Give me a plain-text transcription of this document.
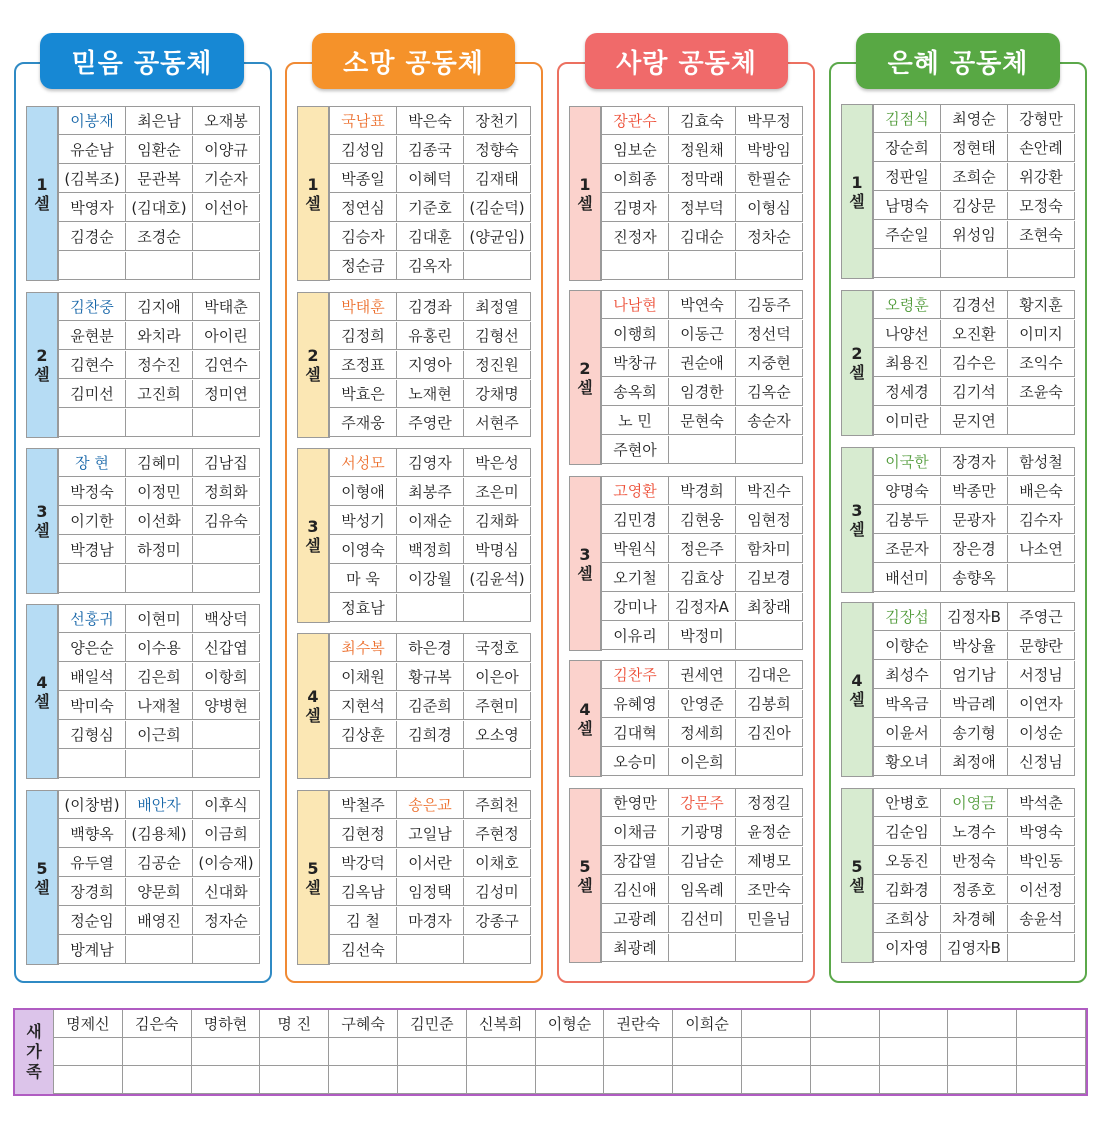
믿음 공동체
1
셀
이봉재	최은남	오재봉
유순남	임환순	이양규
(김복조)	문관복	기순자
박영자	(김대호)	이선아
김경순	조경순
2
셀
김찬중	김지애	박태춘
윤현분	와치라	아이린
김현수	정수진	김연수
김미선	고진희	정미연
3
셀
장 현	김혜미	김남집
박정숙	이정민	정희화
이기한	이선화	김유숙
박경남	하정미
4
셀
선홍귀	이현미	백상덕
양은순	이수용	신갑엽
배일석	김은희	이항희
박미숙	나재철	양병현
김형심	이근희
5
셀
(이창범)	배안자	이후식
백향옥	(김용체)	이금희
유두열	김공순	(이승재)
장경희	양문희	신대화
정순임	배영진	정자순
방계남
소망 공동체
1
셀
국남표	박은숙	장천기
김성임	김종국	정향숙
박종일	이혜덕	김재태
정연심	기준호	(김순덕)
김승자	김대훈	(양균임)
정순금	김옥자
2
셀
박태훈	김경좌	최정열
김정희	유홍린	김형선
조정표	지영아	정진원
박효은	노재현	강채명
주재웅	주영란	서현주
3
셀
서성모	김영자	박은성
이형애	최봉주	조은미
박성기	이재순	김채화
이영숙	백정희	박명심
마 욱	이강월	(김윤석)
정효남
4
셀
최수복	하은경	국정호
이채원	황규복	이은아
지현석	김준희	주현미
김상훈	김희경	오소영
5
셀
박철주	송은교	주희천
김현정	고일남	주현정
박강덕	이서란	이채호
김옥남	임정택	김성미
김 철	마경자	강종구
김선숙
사랑 공동체
1
셀
장관수	김효숙	박무정
임보순	정원채	박방임
이희종	정막래	한필순
김명자	정부덕	이형심
진정자	김대순	정차순
2
셀
나남현	박연숙	김동주
이행희	이동근	정선덕
박창규	권순애	지중현
송옥희	임경한	김옥순
노 민	문현숙	송순자
주현아
3
셀
고영환	박경희	박진수
김민경	김현웅	임현정
박원식	정은주	함차미
오기철	김효상	김보경
강미나	김정자A	최창래
이유리	박정미
4
셀
김찬주	권세연	김대은
유혜영	안영준	김봉희
김대혁	정세희	김진아
오승미	이은희
5
셀
한영만	강문주	정정길
이채금	기광명	윤정순
장갑열	김남순	제병모
김신애	임옥례	조만숙
고광례	김선미	민을님
최광례
은혜 공동체
1
셀
김점식	최영순	강형만
장순희	정현태	손안례
정판일	조희순	위강환
남명숙	김상문	모정숙
주순일	위성임	조현숙
2
셀
오령훈	김경선	황지훈
나양선	오진환	이미지
최용진	김수은	조익수
정세경	김기석	조윤숙
이미란	문지연
3
셀
이국한	장경자	함성철
양명숙	박종만	배은숙
김봉두	문광자	김수자
조문자	장은경	나소연
배선미	송향옥
4
셀
김장섭	김정자B	주영근
이향순	박상율	문향란
최성수	엄기남	서정님
박옥금	박금례	이연자
이윤서	송기형	이성순
황오녀	최정애	신정님
5
셀
안병호	이영금	박석춘
김순임	노경수	박영숙
오동진	반정숙	박인동
김화경	정종호	이선정
조희상	차경혜	송윤석
이자영	김영자B
새
가
족
명제신	김은숙	명하현	명 진	구혜숙	김민준	신복희	이형순	권란숙	이희순
